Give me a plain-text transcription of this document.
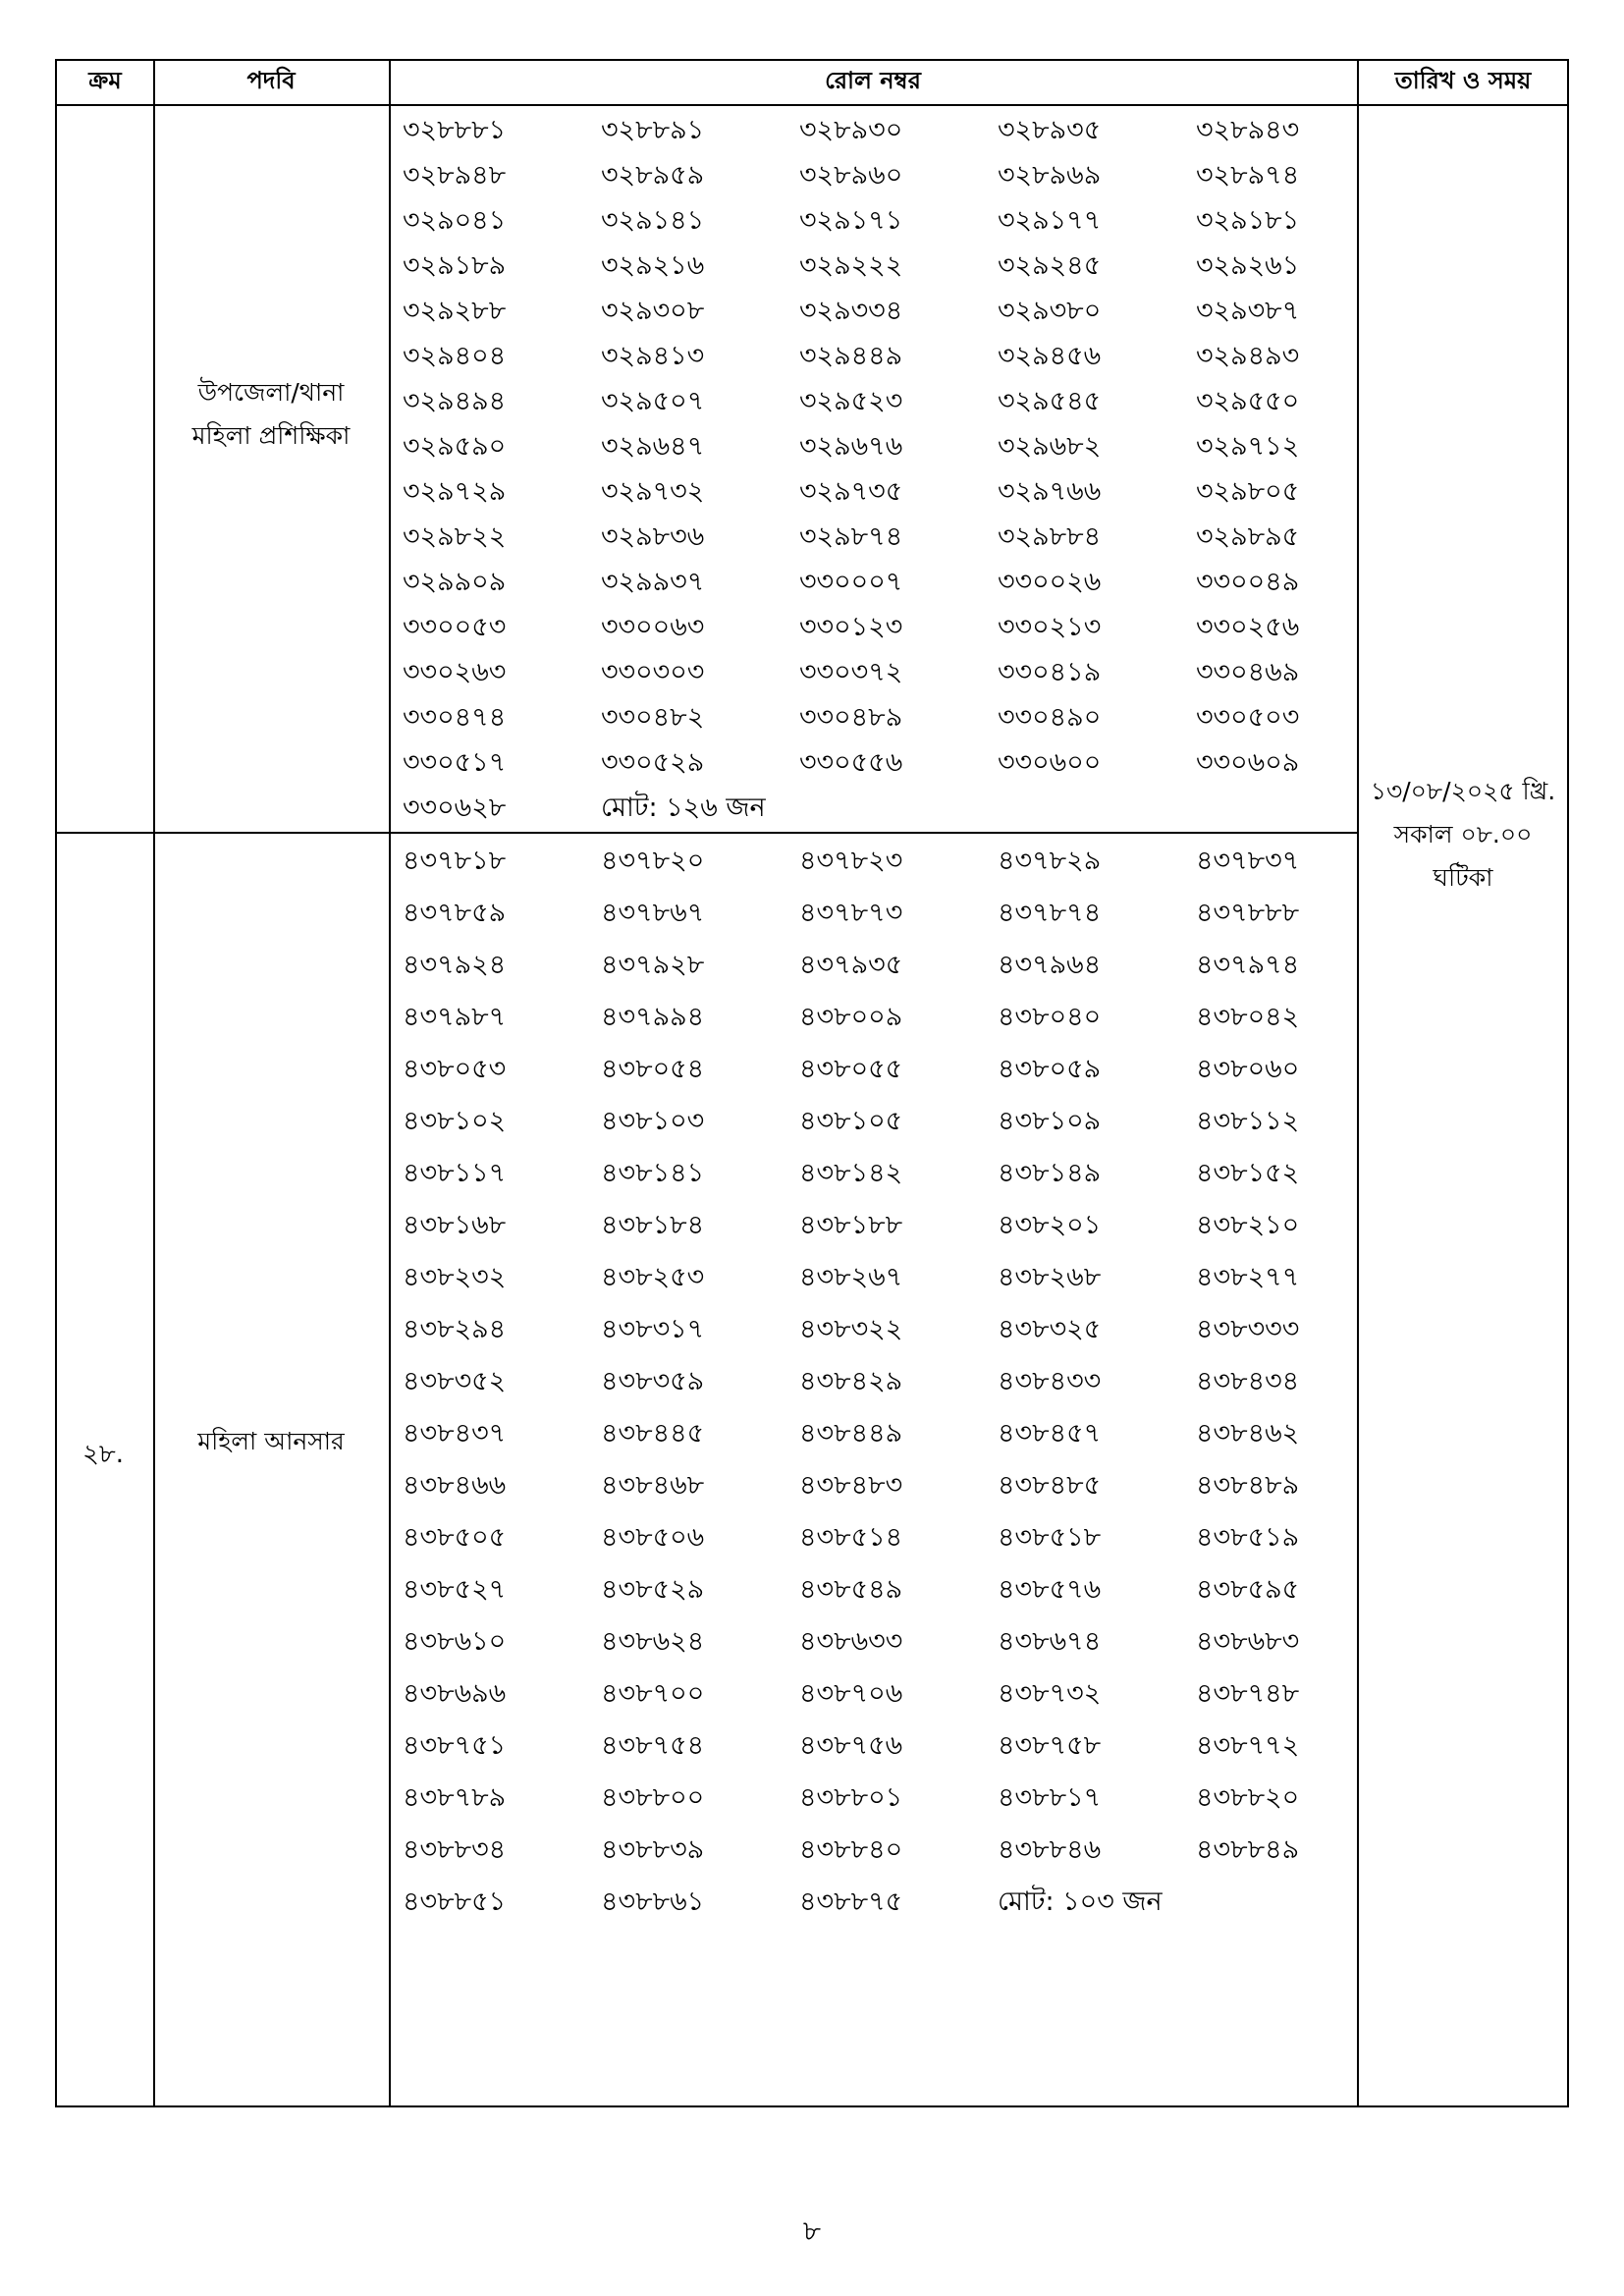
ক্রম	পদবি	রোল নম্বর	তারিখ ও সময়
উপজেলা/থানা
মহিলা প্রশিক্ষিকা
৩২৮৮৮১	৩২৮৮৯১	৩২৮৯৩০	৩২৮৯৩৫	৩২৮৯৪৩
৩২৮৯৪৮	৩২৮৯৫৯	৩২৮৯৬০	৩২৮৯৬৯	৩২৮৯৭৪
৩২৯০৪১	৩২৯১৪১	৩২৯১৭১	৩২৯১৭৭	৩২৯১৮১
৩২৯১৮৯	৩২৯২১৬	৩২৯২২২	৩২৯২৪৫	৩২৯২৬১
৩২৯২৮৮	৩২৯৩০৮	৩২৯৩৩৪	৩২৯৩৮০	৩২৯৩৮৭
৩২৯৪০৪	৩২৯৪১৩	৩২৯৪৪৯	৩২৯৪৫৬	৩২৯৪৯৩
৩২৯৪৯৪	৩২৯৫০৭	৩২৯৫২৩	৩২৯৫৪৫	৩২৯৫৫০
৩২৯৫৯০	৩২৯৬৪৭	৩২৯৬৭৬	৩২৯৬৮২	৩২৯৭১২
৩২৯৭২৯	৩২৯৭৩২	৩২৯৭৩৫	৩২৯৭৬৬	৩২৯৮০৫
৩২৯৮২২	৩২৯৮৩৬	৩২৯৮৭৪	৩২৯৮৮৪	৩২৯৮৯৫
৩২৯৯০৯	৩২৯৯৩৭	৩৩০০০৭	৩৩০০২৬	৩৩০০৪৯
৩৩০০৫৩	৩৩০০৬৩	৩৩০১২৩	৩৩০২১৩	৩৩০২৫৬
৩৩০২৬৩	৩৩০৩০৩	৩৩০৩৭২	৩৩০৪১৯	৩৩০৪৬৯
৩৩০৪৭৪	৩৩০৪৮২	৩৩০৪৮৯	৩৩০৪৯০	৩৩০৫০৩
৩৩০৫১৭	৩৩০৫২৯	৩৩০৫৫৬	৩৩০৬০০	৩৩০৬০৯
৩৩০৬২৮	মোট: ১২৬ জন
২৮.	মহিলা আনসার
৪৩৭৮১৮	৪৩৭৮২০	৪৩৭৮২৩	৪৩৭৮২৯	৪৩৭৮৩৭
৪৩৭৮৫৯	৪৩৭৮৬৭	৪৩৭৮৭৩	৪৩৭৮৭৪	৪৩৭৮৮৮
৪৩৭৯২৪	৪৩৭৯২৮	৪৩৭৯৩৫	৪৩৭৯৬৪	৪৩৭৯৭৪
৪৩৭৯৮৭	৪৩৭৯৯৪	৪৩৮০০৯	৪৩৮০৪০	৪৩৮০৪২
৪৩৮০৫৩	৪৩৮০৫৪	৪৩৮০৫৫	৪৩৮০৫৯	৪৩৮০৬০
৪৩৮১০২	৪৩৮১০৩	৪৩৮১০৫	৪৩৮১০৯	৪৩৮১১২
৪৩৮১১৭	৪৩৮১৪১	৪৩৮১৪২	৪৩৮১৪৯	৪৩৮১৫২
৪৩৮১৬৮	৪৩৮১৮৪	৪৩৮১৮৮	৪৩৮২০১	৪৩৮২১০
৪৩৮২৩২	৪৩৮২৫৩	৪৩৮২৬৭	৪৩৮২৬৮	৪৩৮২৭৭
৪৩৮২৯৪	৪৩৮৩১৭	৪৩৮৩২২	৪৩৮৩২৫	৪৩৮৩৩৩
৪৩৮৩৫২	৪৩৮৩৫৯	৪৩৮৪২৯	৪৩৮৪৩৩	৪৩৮৪৩৪
৪৩৮৪৩৭	৪৩৮৪৪৫	৪৩৮৪৪৯	৪৩৮৪৫৭	৪৩৮৪৬২
৪৩৮৪৬৬	৪৩৮৪৬৮	৪৩৮৪৮৩	৪৩৮৪৮৫	৪৩৮৪৮৯
৪৩৮৫০৫	৪৩৮৫০৬	৪৩৮৫১৪	৪৩৮৫১৮	৪৩৮৫১৯
৪৩৮৫২৭	৪৩৮৫২৯	৪৩৮৫৪৯	৪৩৮৫৭৬	৪৩৮৫৯৫
৪৩৮৬১০	৪৩৮৬২৪	৪৩৮৬৩৩	৪৩৮৬৭৪	৪৩৮৬৮৩
৪৩৮৬৯৬	৪৩৮৭০০	৪৩৮৭০৬	৪৩৮৭৩২	৪৩৮৭৪৮
৪৩৮৭৫১	৪৩৮৭৫৪	৪৩৮৭৫৬	৪৩৮৭৫৮	৪৩৮৭৭২
৪৩৮৭৮৯	৪৩৮৮০০	৪৩৮৮০১	৪৩৮৮১৭	৪৩৮৮২০
৪৩৮৮৩৪	৪৩৮৮৩৯	৪৩৮৮৪০	৪৩৮৮৪৬	৪৩৮৮৪৯
৪৩৮৮৫১	৪৩৮৮৬১	৪৩৮৮৭৫	মোট: ১০৩ জন
১৩/০৮/২০২৫ খ্রি.
সকাল ০৮.০০
ঘটিকা
৮
